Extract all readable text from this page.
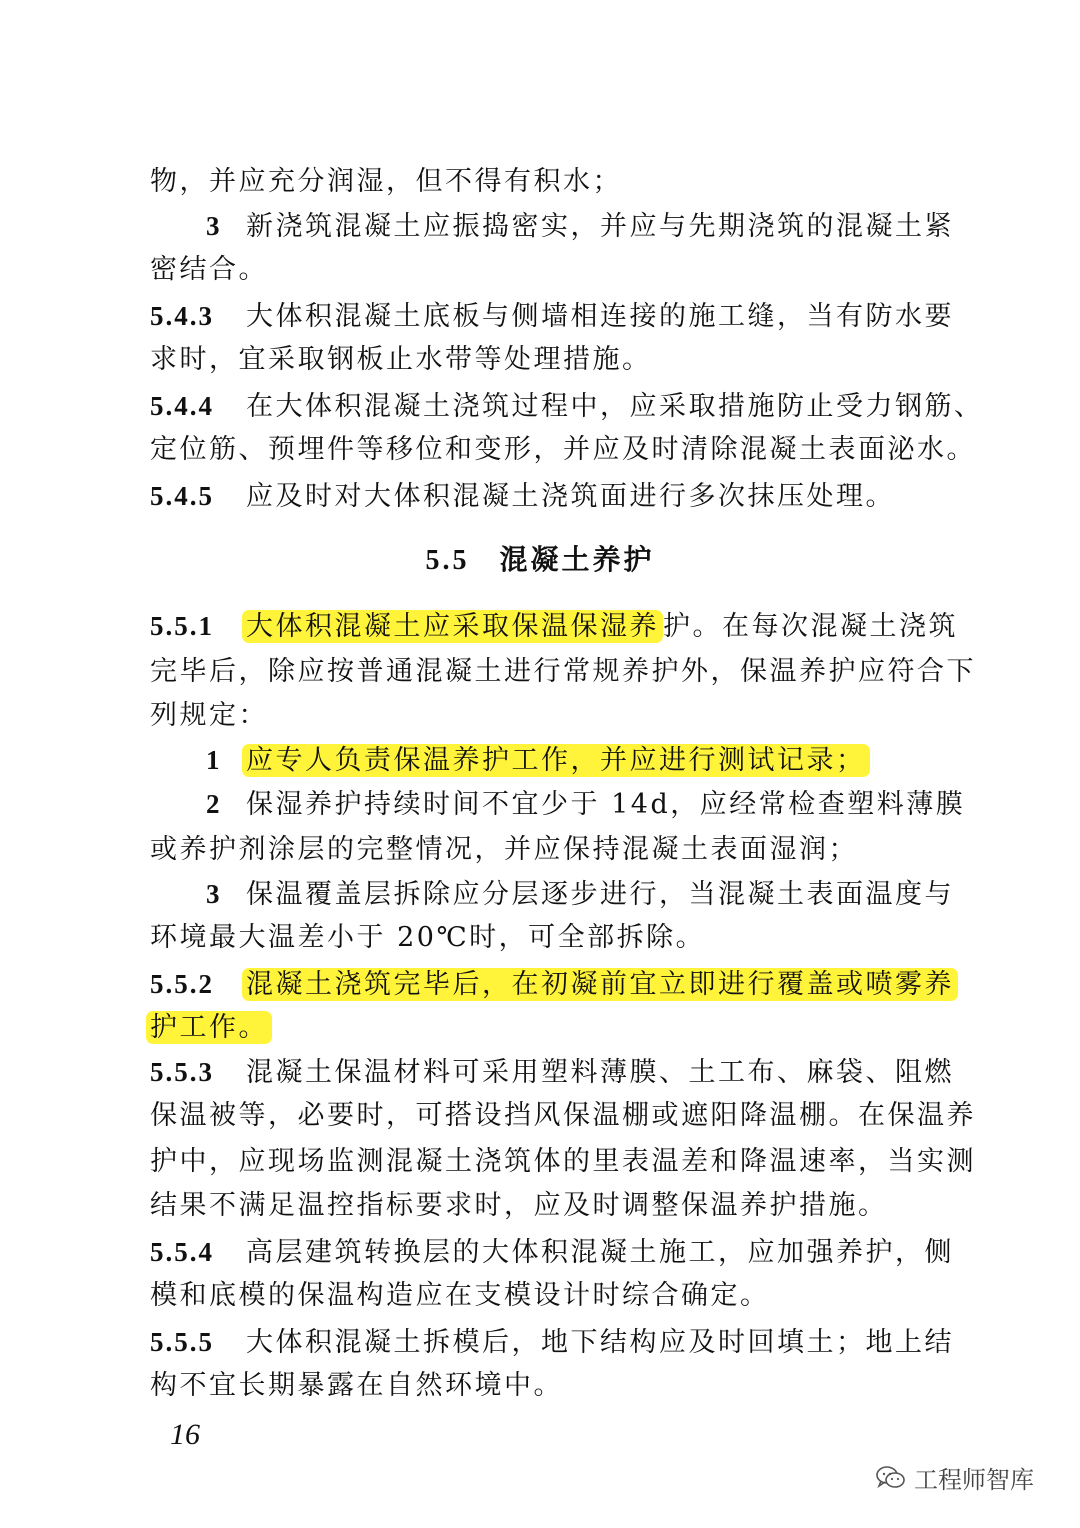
物，并应充分润湿，但不得有积水；
3 新浇筑混凝土应振捣密实，并应与先期浇筑的混凝土紧
密结合。
5.4.3 大体积混凝土底板与侧墙相连接的施工缝，当有防水要
求时，宜采取钢板止水带等处理措施。
5.4.4 在大体积混凝土浇筑过程中，应采取措施防止受力钢筋、
定位筋、预埋件等移位和变形，并应及时清除混凝土表面泌水。
5.4.5 应及时对大体积混凝土浇筑面进行多次抹压处理。
5.5 混凝土养护
5.5.1 大体积混凝土应采取保温保湿养 护。在每次混凝土浇筑
完毕后，除应按普通混凝土进行常规养护外，保温养护应符合下
列规定：
1 应专人负责保温养护工作，并应进行测试记录；
2 保湿养护持续时间不宜少于 14d，应经常检查塑料薄膜
或养护剂涂层的完整情况，并应保持混凝土表面湿润；
3 保温覆盖层拆除应分层逐步进行，当混凝土表面温度与
环境最大温差小于 20℃时，可全部拆除。
5.5.2 混凝土浇筑完毕后，在初凝前宜立即进行覆盖或喷雾养
护工作。
5.5.3 混凝土保温材料可采用塑料薄膜、土工布、麻袋、阻燃
保温被等，必要时，可搭设挡风保温棚或遮阳降温棚。在保温养
护中，应现场监测混凝土浇筑体的里表温差和降温速率，当实测
结果不满足温控指标要求时，应及时调整保温养护措施。
5.5.4 高层建筑转换层的大体积混凝土施工，应加强养护，侧
模和底模的保温构造应在支模设计时综合确定。
5.5.5 大体积混凝土拆模后，地下结构应及时回填土；地上结
构不宜长期暴露在自然环境中。
16
工程师智库
